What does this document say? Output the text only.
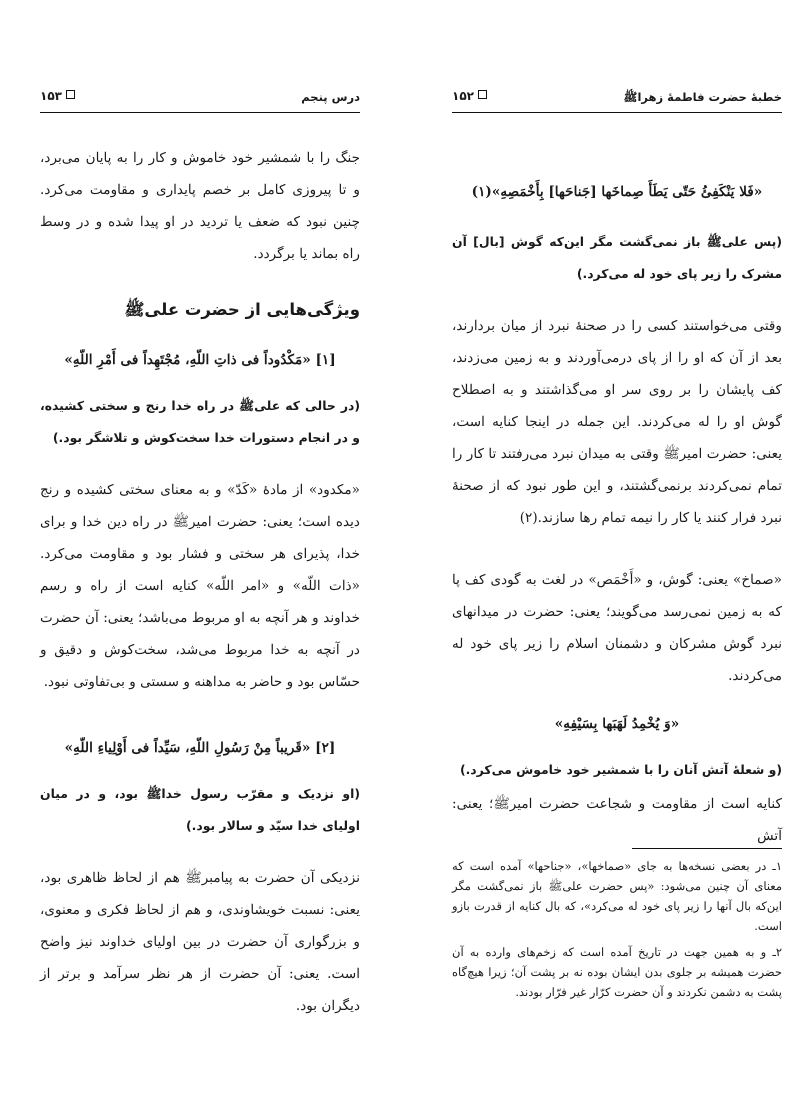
درس پنجم
۱۵۳

جنگ را با شمشیر خود خاموش و کار را به پایان می‌برد، و تا پیروزی کامل بر خصم پایداری و مقاومت می‌کرد. چنین نبود که ضعف یا تردید در او پیدا شده و در وسط راه بماند یا برگردد.

ویژگی‌هایی از حضرت علیﷺ

[۱] «مَکْدُوداً فی ذاتِ اللّهِ، مُجْتَهِداً فی أَمْرِ اللّهِ»

(در حالی که علیﷺ در راه خدا رنج و سختی کشیده، و در انجام دستورات خدا سخت‌کوش و تلاشگر بود.)

«مکدود» از مادهٔ «کَدّ» و به معنای سختی کشیده و رنج دیده است؛ یعنی: حضرت امیرﷺ در راه دین خدا و برای خدا، پذیرای هر سختی و فشار بود و مقاومت می‌کرد. «ذات اللّه» و «امر اللّه» کنایه است از راه و رسم خداوند و هر آنچه به او مربوط می‌باشد؛ یعنی: آن حضرت در آنچه به خدا مربوط می‌شد، سخت‌کوش و دقیق و حسّاس بود و حاضر به مداهنه و سستی و بی‌تفاوتی نبود.

[۲] «قَریباً مِنْ رَسُولِ اللّهِ، سَیِّداً فی أَوْلِیاءِ اللّهِ»

(او نزدیک و مقرّب رسول خداﷺ بود، و در میان اولیای خدا سیّد و سالار بود.)

نزدیکی آن حضرت به پیامبرﷺ هم از لحاظ ظاهری بود، یعنی: نسبت خویشاوندی، و هم از لحاظ فکری و معنوی، و بزرگواری آن حضرت در بین اولیای خداوند نیز واضح است. یعنی: آن حضرت از هر نظر سرآمد و برتر از دیگران بود.

خطبهٔ حضرت فاطمهٔ زهراﷺ
۱۵۲

«فَلا یَنْکَفِئُ حَتّی یَطَأَ صِماخَها [جَناحَها] بِأَخْمَصِهِ»(۱)

(پس علیﷺ باز نمی‌گشت مگر این‌که گوش [بال] آن مشرک را زیر پای خود له می‌کرد.)

وقتی می‌خواستند کسی را در صحنهٔ نبرد از میان بردارند، بعد از آن که او را از پای درمی‌آوردند و به زمین می‌زدند، کف پایشان را بر روی سر او می‌گذاشتند و به اصطلاح گوش او را له می‌کردند. این جمله در اینجا کنایه است، یعنی: حضرت امیرﷺ وقتی به میدان نبرد می‌رفتند تا کار را تمام نمی‌کردند برنمی‌گشتند، و این طور نبود که از صحنهٔ نبرد فرار کنند یا کار را نیمه تمام رها سازند.(۲)

«صماخ» یعنی: گوش، و «أَخْمَص» در لغت به گودی کف پا که به زمین نمی‌رسد می‌گویند؛ یعنی: حضرت در میدانهای نبرد گوش مشرکان و دشمنان اسلام را زیر پای خود له می‌کردند.

«وَ یُخْمِدُ لَهَبَها بِسَیْفِهِ»

(و شعلهٔ آتش آنان را با شمشیر خود خاموش می‌کرد.)

کنایه است از مقاومت و شجاعت حضرت امیرﷺ؛ یعنی: آتش

۱ـ در بعضی نسخه‌ها به جای «صماخها»، «جناحها» آمده است که معنای آن چنین می‌شود: «پس حضرت علیﷺ باز نمی‌گشت مگر این‌که بال آنها را زیر پای خود له می‌کرد»، که بال کنایه از قدرت بازو است.

۲ـ و به همین جهت در تاریخ آمده است که زخم‌های وارده به آن حضرت همیشه بر جلوی بدن ایشان بوده نه بر پشت آن؛ زیرا هیچ‌گاه پشت به دشمن نکردند و آن حضرت کرّار غیر فرّار بودند.
